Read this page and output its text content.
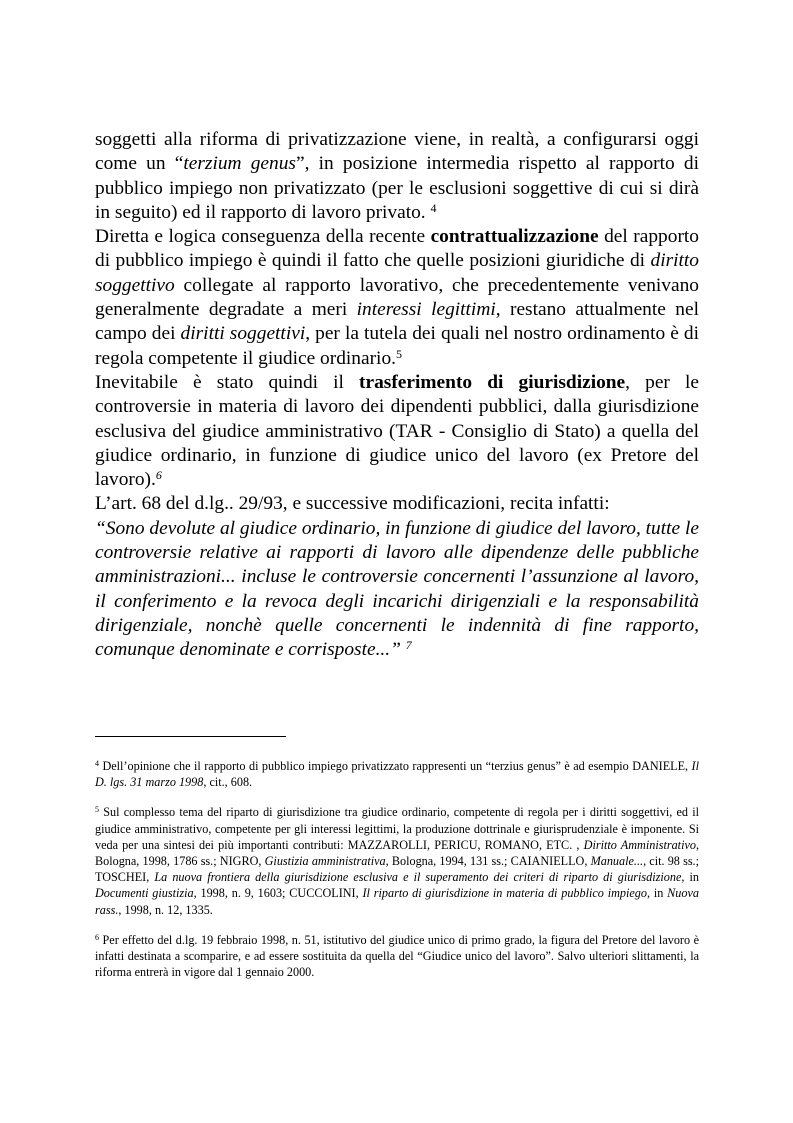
soggetti alla riforma di privatizzazione viene, in realtà, a configurarsi oggi come un “terzium genus”, in posizione intermedia rispetto al rapporto di pubblico impiego non privatizzato (per le esclusioni soggettive di cui si dirà in seguito) ed il rapporto di lavoro privato. $^4$

Diretta e logica conseguenza della recente contrattualizzazione del rapporto di pubblico impiego è quindi il fatto che quelle posizioni giuridiche di diritto soggettivo collegate al rapporto lavorativo, che precedentemente venivano generalmente degradate a meri interessi legittimi, restano attualmente nel campo dei diritti soggettivi, per la tutela dei quali nel nostro ordinamento è di regola competente il giudice ordinario.$^5$

Inevitabile è stato quindi il trasferimento di giurisdizione, per le controversie in materia di lavoro dei dipendenti pubblici, dalla giurisdizione esclusiva del giudice amministrativo (TAR - Consiglio di Stato) a quella del giudice ordinario, in funzione di giudice unico del lavoro (ex Pretore del lavoro).$^6$

L’art. 68 del d.lg.. 29/93, e successive modificazioni, recita infatti:

“Sono devolute al giudice ordinario, in funzione di giudice del lavoro, tutte le controversie relative ai rapporti di lavoro alle dipendenze delle pubbliche amministrazioni... incluse le controversie concernenti l’assunzione al lavoro, il conferimento e la revoca degli incarichi dirigenziali e la responsabilità dirigenziale, nonchè quelle concernenti le indennità di fine rapporto, comunque denominate e corrisposte...” $^7$

$^4$ Dell’opinione che il rapporto di pubblico impiego privatizzato rappresenti un “terzius genus” è ad esempio DANIELE, Il D. lgs. 31 marzo 1998, cit., 608.

$^5$ Sul complesso tema del riparto di giurisdizione tra giudice ordinario, competente di regola per i diritti soggettivi, ed il giudice amministrativo, competente per gli interessi legittimi, la produzione dottrinale e giurisprudenziale è imponente. Si veda per una sintesi dei più importanti contributi: MAZZAROLLI, PERICU, ROMANO, ETC. , Diritto Amministrativo, Bologna, 1998, 1786 ss.; NIGRO, Giustizia amministrativa, Bologna, 1994, 131 ss.; CAIANIELLO, Manuale..., cit. 98 ss.; TOSCHEI, La nuova frontiera della giurisdizione esclusiva e il superamento dei criteri di riparto di giurisdizione, in Documenti giustizia, 1998, n. 9, 1603; CUCCOLINI, Il riparto di giurisdizione in materia di pubblico impiego, in Nuova rass., 1998, n. 12, 1335.

$^6$ Per effetto del d.lg. 19 febbraio 1998, n. 51, istitutivo del giudice unico di primo grado, la figura del Pretore del lavoro è infatti destinata a scomparire, e ad essere sostituita da quella del “Giudice unico del lavoro”. Salvo ulteriori slittamenti, la riforma entrerà in vigore dal 1 gennaio 2000.
